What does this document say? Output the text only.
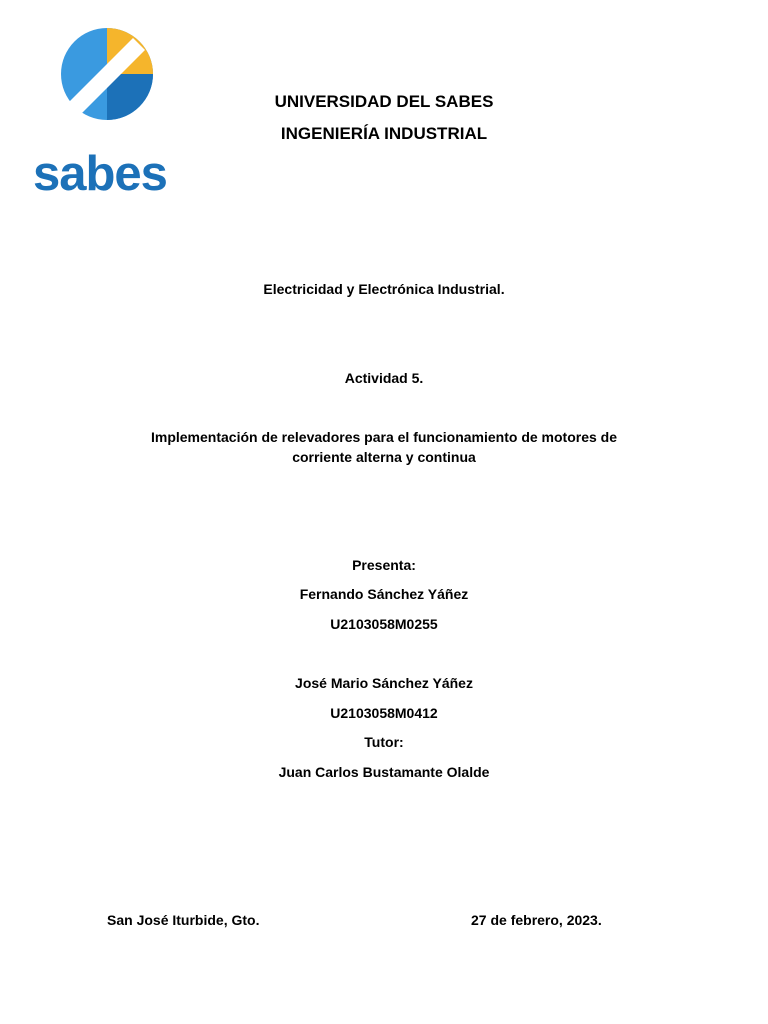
sabes
UNIVERSIDAD DEL SABES
INGENIERÍA INDUSTRIAL
Electricidad y Electrónica Industrial.
Actividad 5.
Implementación de relevadores para el funcionamiento de motores de
corriente alterna y continua
Presenta:
Fernando Sánchez Yáñez
U2103058M0255
José Mario Sánchez Yáñez
U2103058M0412
Tutor:
Juan Carlos Bustamante Olalde
San José Iturbide, Gto.	27 de febrero, 2023.
